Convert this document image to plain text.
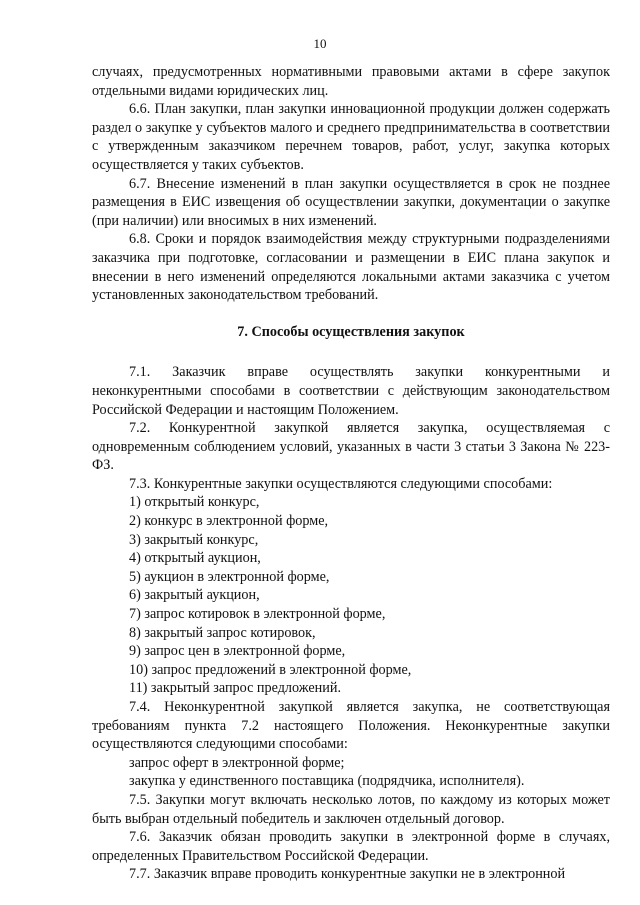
10

случаях, предусмотренных нормативными правовыми актами в сфере закупок отдельными видами юридических лиц.

6.6. План закупки, план закупки инновационной продукции должен содержать раздел о закупке у субъектов малого и среднего предпринимательства в соответствии с утвержденным заказчиком перечнем товаров, работ, услуг, закупка которых осуществляется у таких субъектов.

6.7. Внесение изменений в план закупки осуществляется в срок не позднее размещения в ЕИС извещения об осуществлении закупки, документации о закупке (при наличии) или вносимых в них изменений.

6.8. Сроки и порядок взаимодействия между структурными подразделениями заказчика при подготовке, согласовании и размещении в ЕИС плана закупок и внесении в него изменений определяются локальными актами заказчика с учетом установленных законодательством требований.

7. Способы осуществления закупок

7.1. Заказчик вправе осуществлять закупки конкурентными и неконкурентными способами в соответствии с действующим законодательством Российской Федерации и настоящим Положением.

7.2. Конкурентной закупкой является закупка, осуществляемая с одновременным соблюдением условий, указанных в части 3 статьи 3 Закона № 223-ФЗ.

7.3. Конкурентные закупки осуществляются следующими способами:

1) открытый конкурс,

2) конкурс в электронной форме,

3) закрытый конкурс,

4) открытый аукцион,

5) аукцион в электронной форме,

6) закрытый аукцион,

7) запрос котировок в электронной форме,

8) закрытый запрос котировок,

9) запрос цен в электронной форме,

10) запрос предложений в электронной форме,

11) закрытый запрос предложений.

7.4. Неконкурентной закупкой является закупка, не соответствующая требованиям пункта 7.2 настоящего Положения. Неконкурентные закупки осуществляются следующими способами:

запрос оферт в электронной форме;

закупка у единственного поставщика (подрядчика, исполнителя).

7.5. Закупки могут включать несколько лотов, по каждому из которых может быть выбран отдельный победитель и заключен отдельный договор.

7.6. Заказчик обязан проводить закупки в электронной форме в случаях, определенных Правительством Российской Федерации.

7.7. Заказчик вправе проводить конкурентные закупки не в электронной
